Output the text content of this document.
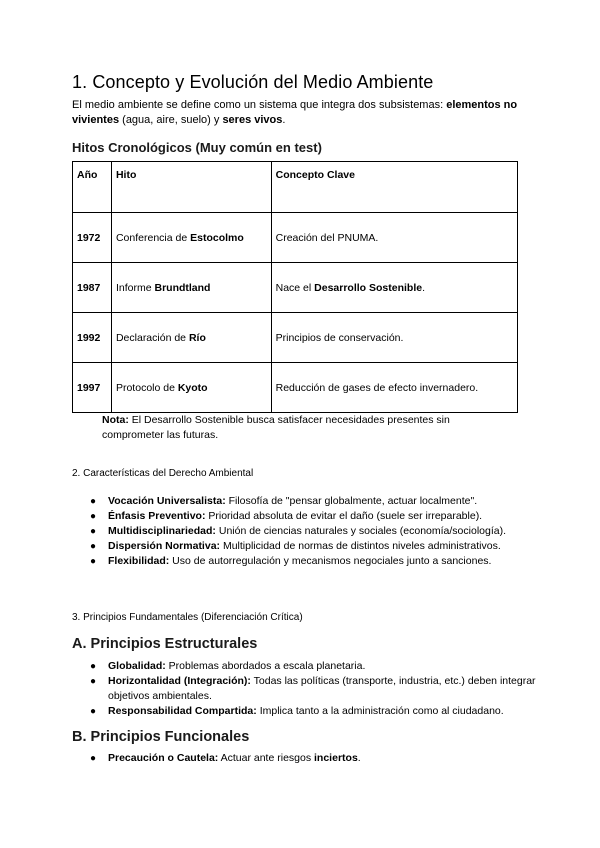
1. Concepto y Evolución del Medio Ambiente

El medio ambiente se define como un sistema que integra dos subsistemas: elementos no vivientes (agua, aire, suelo) y seres vivos.

Hitos Cronológicos (Muy común en test)
Año	Hito	Concepto Clave
1972	Conferencia de Estocolmo	Creación del PNUMA.
1987	Informe Brundtland	Nace el Desarrollo Sostenible.
1992	Declaración de Río	Principios de conservación.
1997	Protocolo de Kyoto	Reducción de gases de efecto invernadero.

Nota: El Desarrollo Sostenible busca satisfacer necesidades presentes sin comprometer las futuras.

2. Características del Derecho Ambiental
● Vocación Universalista: Filosofía de "pensar globalmente, actuar localmente".
● Énfasis Preventivo: Prioridad absoluta de evitar el daño (suele ser irreparable).
● Multidisciplinariedad: Unión de ciencias naturales y sociales (economía/sociología).
● Dispersión Normativa: Multiplicidad de normas de distintos niveles administrativos.
● Flexibilidad: Uso de autorregulación y mecanismos negociales junto a sanciones.
3. Principios Fundamentales (Diferenciación Crítica)
A. Principios Estructurales
● Globalidad: Problemas abordados a escala planetaria.
● Horizontalidad (Integración): Todas las políticas (transporte, industria, etc.) deben integrar objetivos ambientales.
● Responsabilidad Compartida: Implica tanto a la administración como al ciudadano.
B. Principios Funcionales
● Precaución o Cautela: Actuar ante riesgos inciertos.
